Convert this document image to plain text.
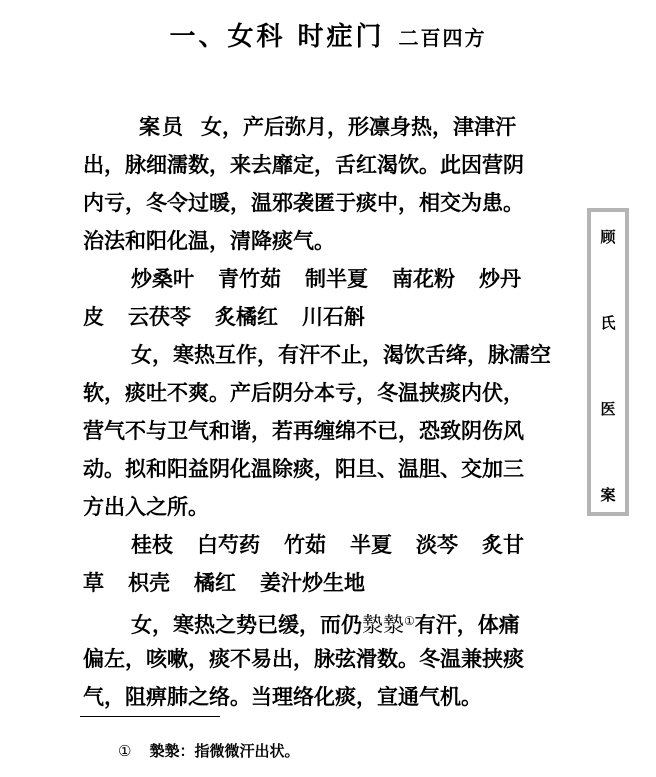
一、女科 时症门 二百四方
案员 女，产后弥月，形凛身热，津津汗
出，脉细濡数，来去靡定，舌红渴饮。此因营阴
内亏，冬令过暖，温邪袭匿于痰中，相交为患。
治法和阳化温，清降痰气。
炒桑叶 青竹茹 制半夏 南花粉 炒丹
皮 云茯苓 炙橘红 川石斛
女，寒热互作，有汗不止，渴饮舌绛，脉濡空
软，痰吐不爽。产后阴分本亏，冬温挟痰内伏，
营气不与卫气和谐，若再缠绵不已，恐致阴伤风
动。拟和阳益阴化温除痰，阳旦、温胆、交加三
方出入之所。
桂枝 白芍药 竹茹 半夏 淡芩 炙甘
草 枳壳 橘红 姜汁炒生地
女，寒热之势已缓，而仍漐漐①有汗，体痛
偏左，咳嗽，痰不易出，脉弦滑数。冬温兼挟痰
气，阻痹肺之络。当理络化痰，宣通气机。
顾
氏
医
案
① 漐漐：指微微汗出状。
